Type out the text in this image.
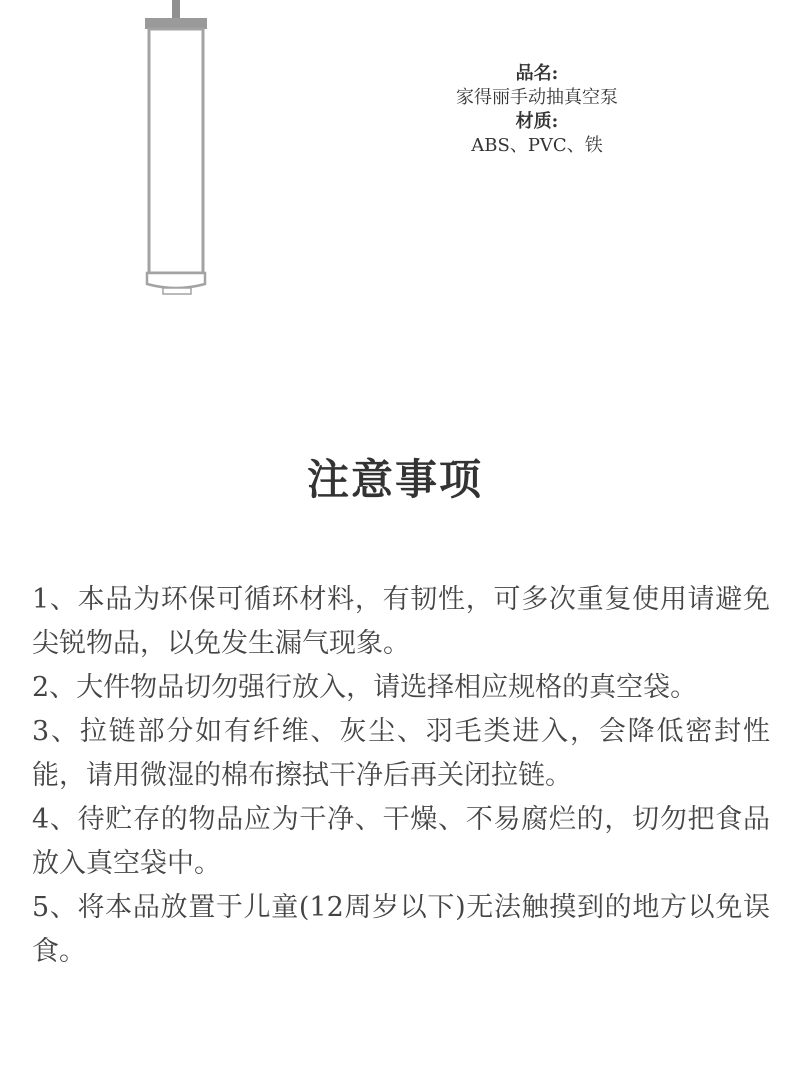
品名:
家得丽手动抽真空泵
材质:
ABS、PVC、铁
注意事项

1、本品为环保可循环材料，有韧性，可多次重复使用请避免尖锐物品，以免发生漏气现象。

2、大件物品切勿强行放入，请选择相应规格的真空袋。

3、拉链部分如有纤维、灰尘、羽毛类进入，会降低密封性能，请用微湿的棉布擦拭干净后再关闭拉链。

4、待贮存的物品应为干净、干燥、不易腐烂的，切勿把食品放入真空袋中。

5、将本品放置于儿童(12周岁以下)无法触摸到的地方以免误食。
